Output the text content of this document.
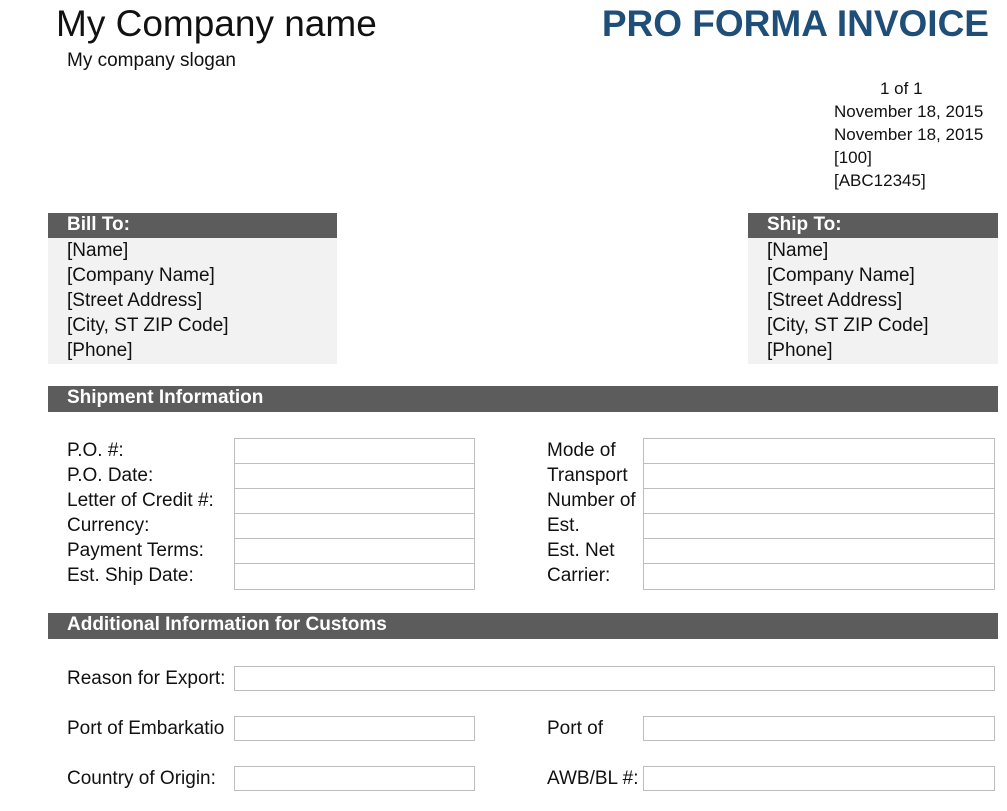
My Company name
My company slogan
PRO FORMA INVOICE
1 of 1
November 18, 2015
November 18, 2015
[100]
[ABC12345]
Bill To:
[Name]
[Company Name]
[Street Address]
[City, ST ZIP Code]
[Phone]
Ship To:
[Name]
[Company Name]
[Street Address]
[City, ST ZIP Code]
[Phone]
Shipment Information
P.O. #:
P.O. Date:
Letter of Credit #:
Currency:
Payment Terms:
Est. Ship Date:
Mode of
Transport
Number of
Est.
Est. Net
Carrier:
Additional Information for Customs
Reason for Export:
Port of Embarkatio	Port of
Country of Origin:	AWB/BL #:
